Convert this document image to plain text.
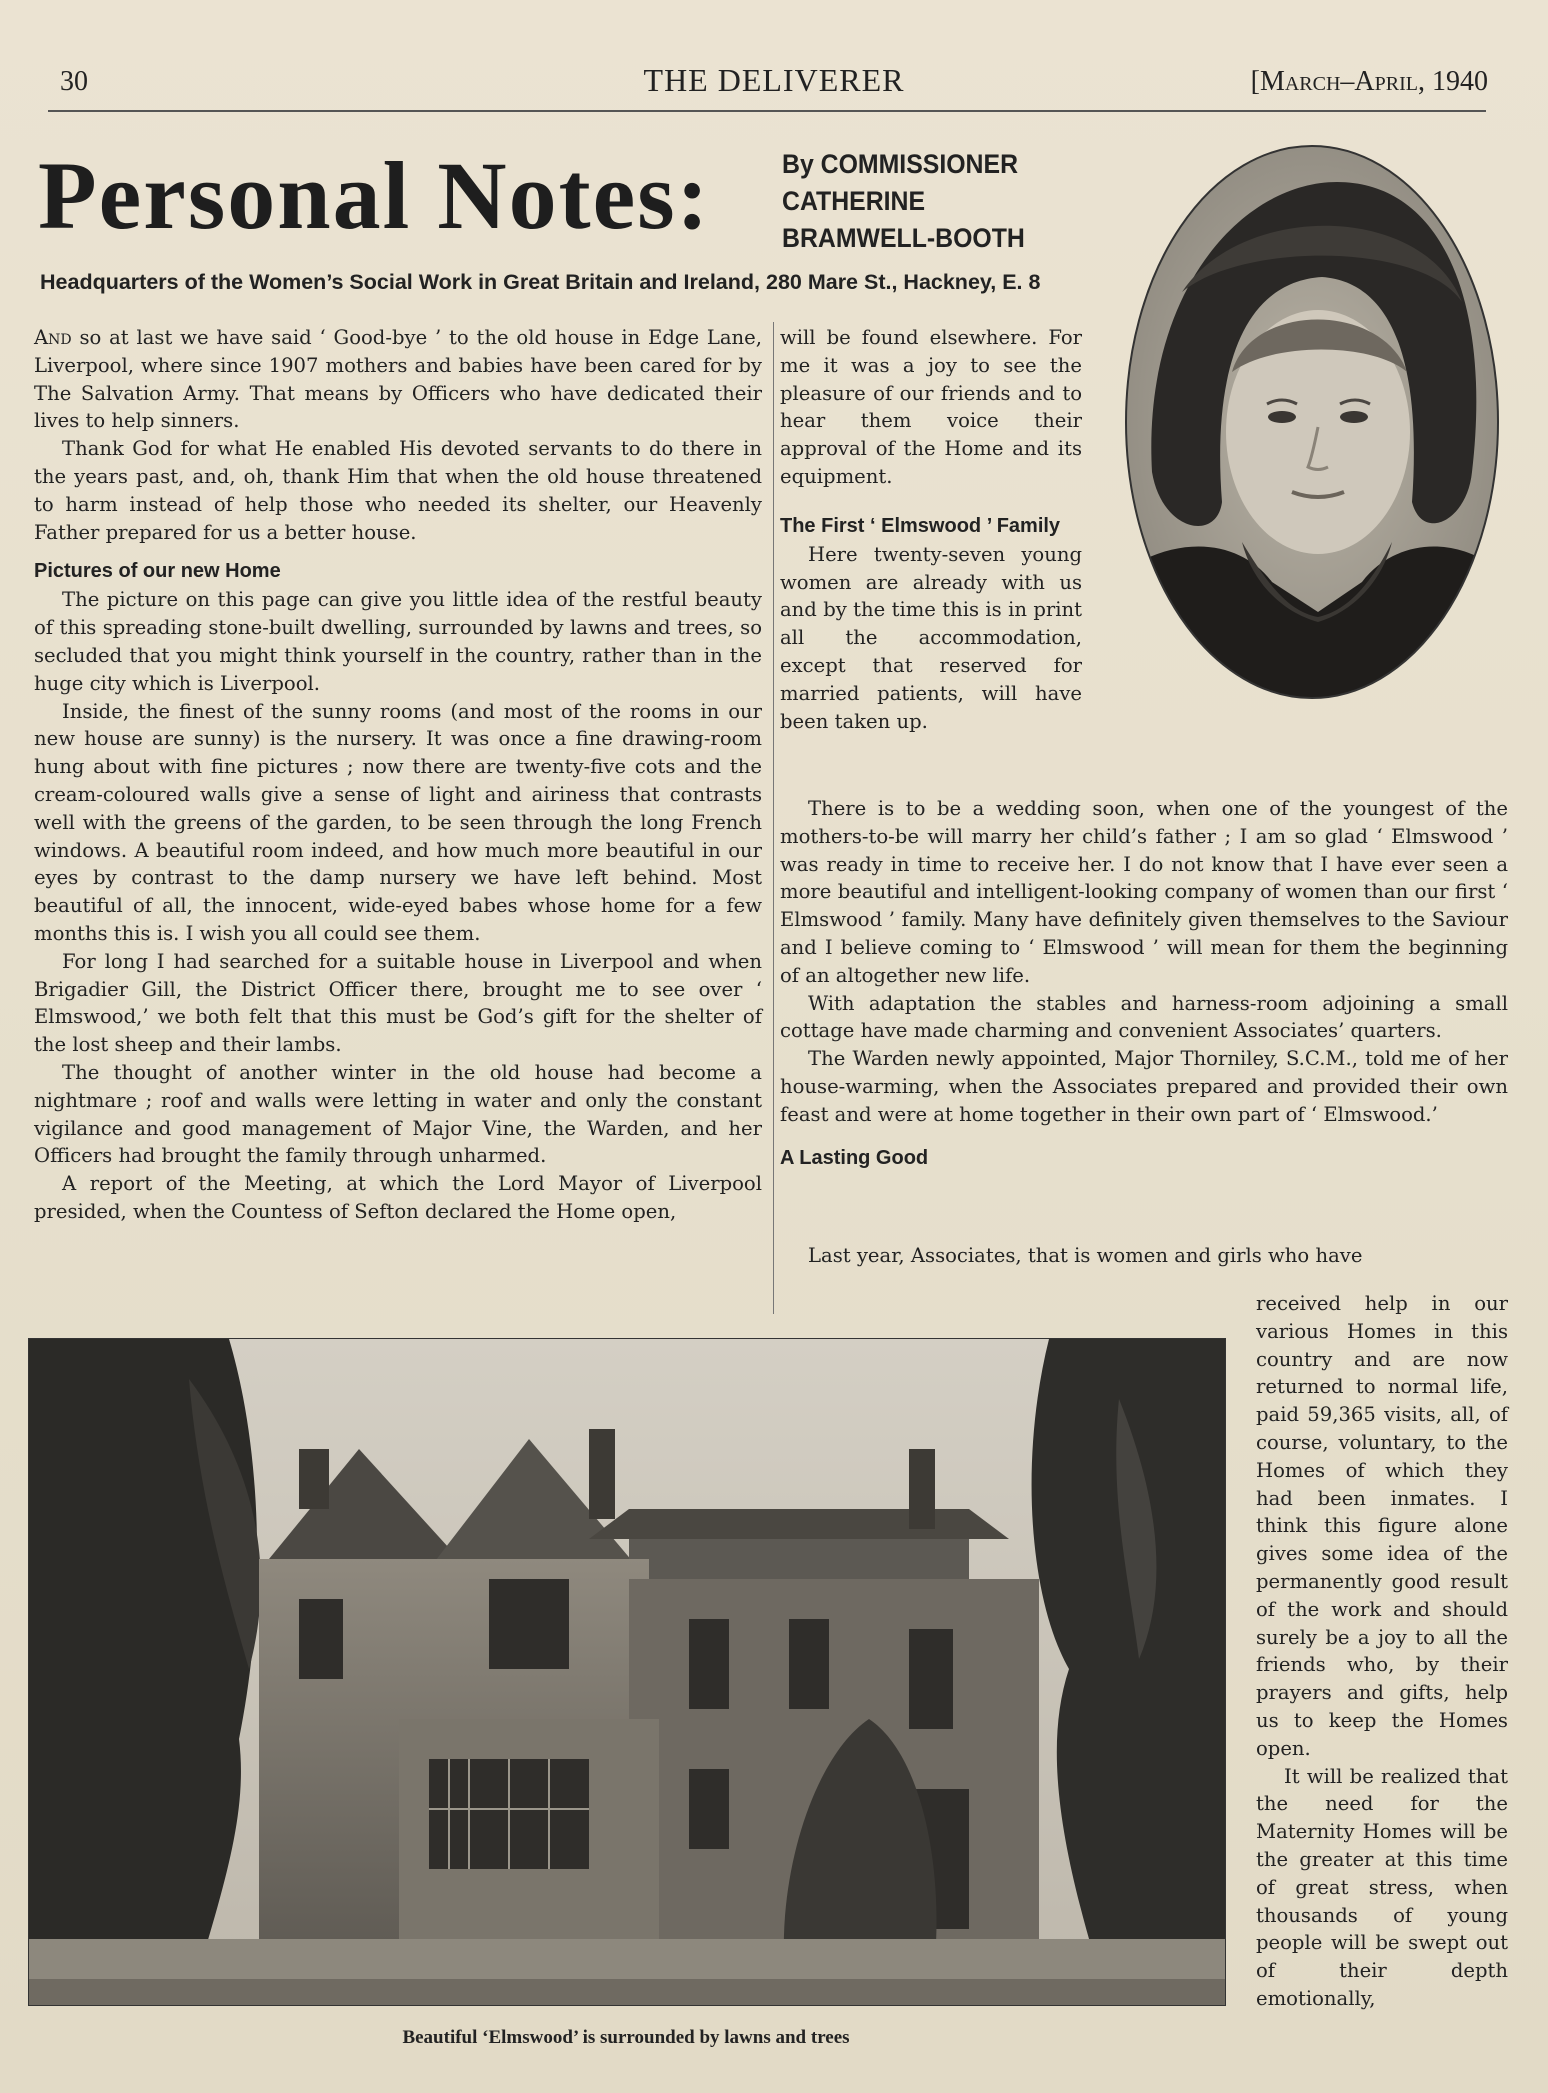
30	THE DELIVERER	[March–April, 1940
Personal Notes:	By COMMISSIONER
CATHERINE
BRAMWELL-BOOTH
Headquarters of the Women’s Social Work in Great Britain and Ireland, 280 Mare St., Hackney, E. 8

And so at last we have said ‘ Good-bye ’ to the old house in Edge Lane, Liverpool, where since 1907 mothers and babies have been cared for by The Salvation Army. That means by Officers who have dedicated their lives to help sinners.

Thank God for what He enabled His devoted servants to do there in the years past, and, oh, thank Him that when the old house threatened to harm instead of help those who needed its shelter, our Heavenly Father prepared for us a better house.

Pictures of our new Home

The picture on this page can give you little idea of the restful beauty of this spreading stone-built dwelling, surrounded by lawns and trees, so secluded that you might think yourself in the country, rather than in the huge city which is Liverpool.

Inside, the finest of the sunny rooms (and most of the rooms in our new house are sunny) is the nursery. It was once a fine drawing-room hung about with fine pictures ; now there are twenty-five cots and the cream-coloured walls give a sense of light and airiness that contrasts well with the greens of the garden, to be seen through the long French windows. A beautiful room indeed, and how much more beautiful in our eyes by contrast to the damp nursery we have left behind. Most beautiful of all, the innocent, wide-eyed babes whose home for a few months this is. I wish you all could see them.

For long I had searched for a suitable house in Liverpool and when Brigadier Gill, the District Officer there, brought me to see over ‘ Elmswood,’ we both felt that this must be God’s gift for the shelter of the lost sheep and their lambs.

The thought of another winter in the old house had become a nightmare ; roof and walls were letting in water and only the constant vigilance and good management of Major Vine, the Warden, and her Officers had brought the family through unharmed.

A report of the Meeting, at which the Lord Mayor of Liverpool presided, when the Countess of Sefton declared the Home open,

will be found elsewhere. For me it was a joy to see the pleasure of our friends and to hear them voice their approval of the Home and its equipment.

The First ‘ Elmswood ’ Family

Here twenty-seven young women are already with us and by the time this is in print all the accommodation, except that reserved for married patients, will have been taken up.

There is to be a wedding soon, when one of the youngest of the mothers-to-be will marry her child’s father ; I am so glad ‘ Elmswood ’ was ready in time to receive her. I do not know that I have ever seen a more beautiful and intelligent-looking company of women than our first ‘ Elmswood ’ family. Many have definitely given themselves to the Saviour and I believe coming to ‘ Elmswood ’ will mean for them the beginning of an altogether new life.

With adaptation the stables and harness-room adjoining a small cottage have made charming and convenient Associates’ quarters.

The Warden newly appointed, Major Thorniley, S.C.M., told me of her house-warming, when the Associates prepared and provided their own feast and were at home together in their own part of ‘ Elmswood.’

A Lasting Good

Last year, Associates, that is women and girls who have

received help in our various Homes in this country and are now returned to normal life, paid 59,365 visits, all, of course, voluntary, to the Homes of which they had been inmates. I think this figure alone gives some idea of the permanently good result of the work and should surely be a joy to all the friends who, by their prayers and gifts, help us to keep the Homes open.

It will be realized that the need for the Maternity Homes will be the greater at this time of great stress, when thousands of young people will be swept out of their depth emotionally,

Beautiful ‘Elmswood’ is surrounded by lawns and trees
